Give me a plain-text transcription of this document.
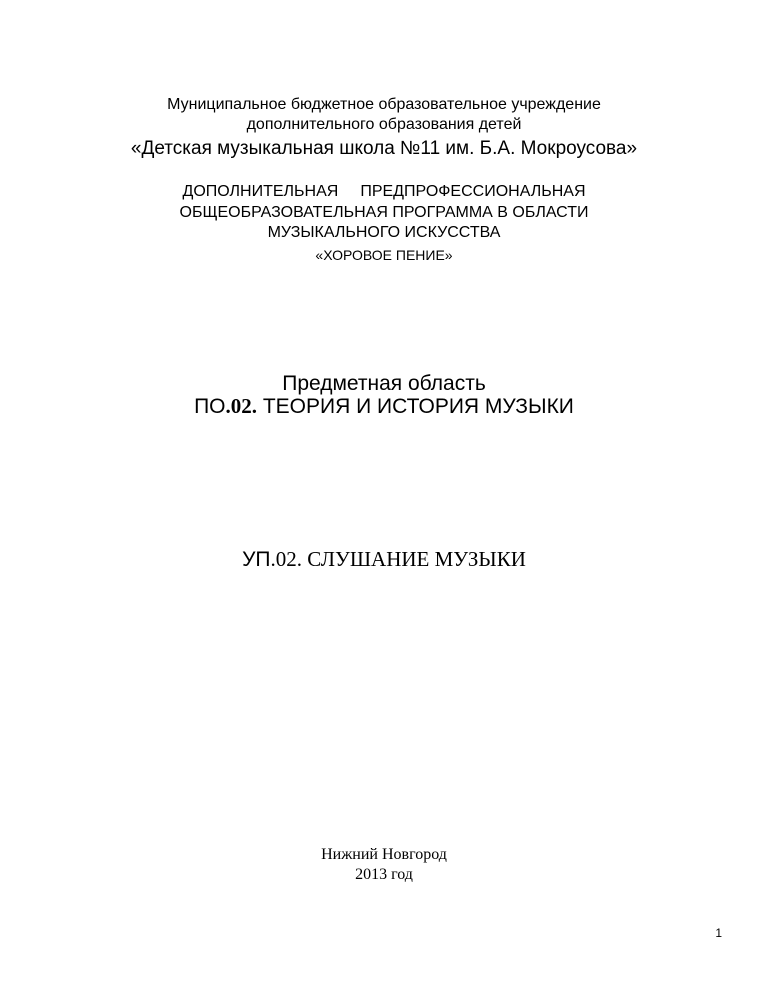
Муниципальное бюджетное образовательное учреждение
дополнительного образования детей
«Детская музыкальная школа №11 им. Б.А. Мокроусова»
ДОПОЛНИТЕЛЬНАЯ ПРЕДПРОФЕССИОНАЛЬНАЯ
ОБЩЕОБРАЗОВАТЕЛЬНАЯ ПРОГРАММА В ОБЛАСТИ
МУЗЫКАЛЬНОГО ИСКУССТВА
«ХОРОВОЕ ПЕНИЕ»
Предметная область
ПО.02. ТЕОРИЯ И ИСТОРИЯ МУЗЫКИ
УП.02. СЛУШАНИЕ МУЗЫКИ
Нижний Новгород
2013 год
1
